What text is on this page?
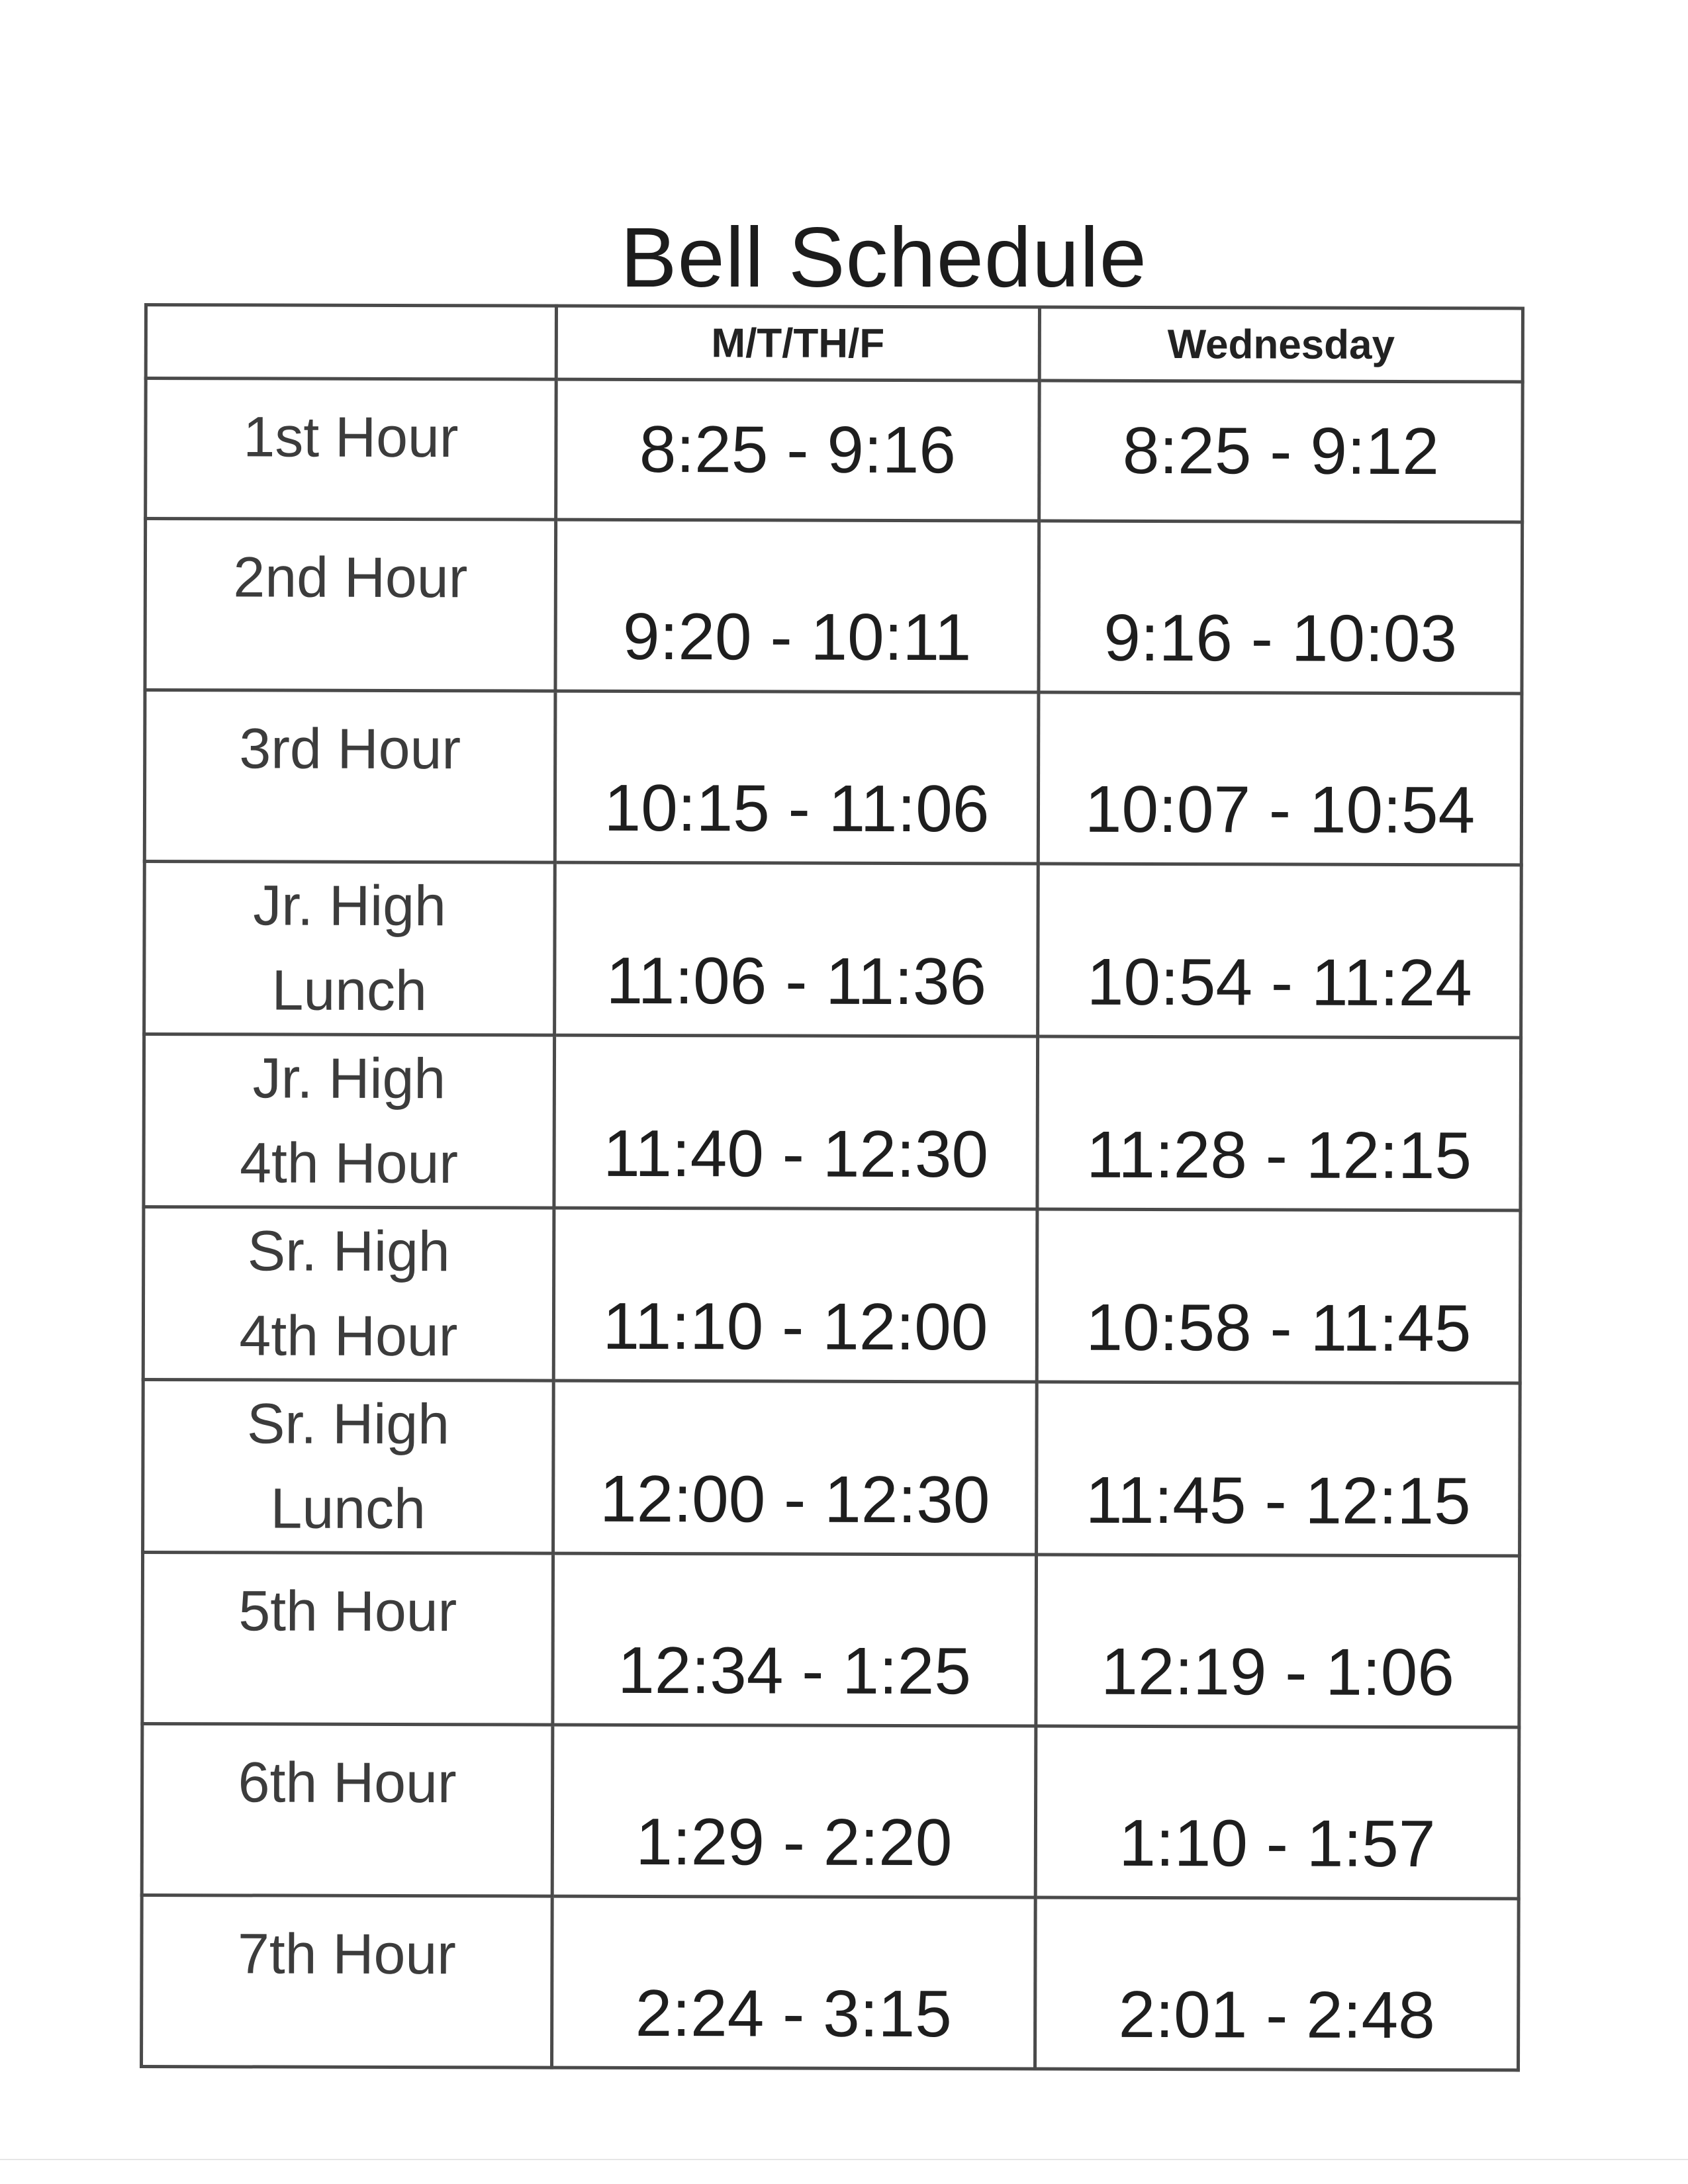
Bell Schedule
	M/T/TH/F	Wednesday

1st Hour	8:25 - 9:16	8:25 - 9:12

2nd Hour	9:20 - 10:11	9:16 - 10:03

3rd Hour	10:15 - 11:06	10:07 - 10:54

Jr. High
Lunch	11:06 - 11:36	10:54 - 11:24

Jr. High
4th Hour	11:40 - 12:30	11:28 - 12:15

Sr. High
4th Hour	11:10 - 12:00	10:58 - 11:45

Sr. High
Lunch	12:00 - 12:30	11:45 - 12:15

5th Hour	12:34 - 1:25	12:19 - 1:06

6th Hour	1:29 - 2:20	1:10 - 1:57

7th Hour	2:24 - 3:15	2:01 - 2:48
